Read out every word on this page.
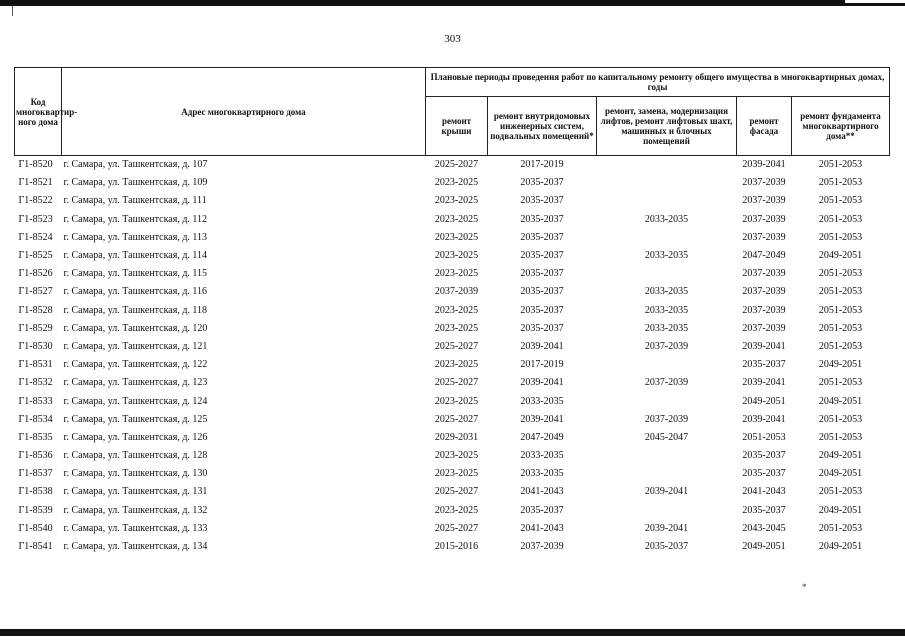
303
Код многоквартир-ного дома	Адрес многоквартирного дома	Плановые периоды проведения работ по капитальному ремонту общего имущества в многоквартирных домах, годы				
		ремонт крыши	ремонт внутридомовых инженерных систем, подвальных помещений*	ремонт, замена, модернизация лифтов, ремонт лифтовых шахт, машинных и блочных помещений	ремонт фасада	ремонт фундамента многоквартирного дома**
Г1-8520	г. Самара, ул. Ташкентская, д. 107	2025-2027	2017-2019		2039-2041	2051-2053
Г1-8521	г. Самара, ул. Ташкентская, д. 109	2023-2025	2035-2037		2037-2039	2051-2053
Г1-8522	г. Самара, ул. Ташкентская, д. 111	2023-2025	2035-2037		2037-2039	2051-2053
Г1-8523	г. Самара, ул. Ташкентская, д. 112	2023-2025	2035-2037	2033-2035	2037-2039	2051-2053
Г1-8524	г. Самара, ул. Ташкентская, д. 113	2023-2025	2035-2037		2037-2039	2051-2053
Г1-8525	г. Самара, ул. Ташкентская, д. 114	2023-2025	2035-2037	2033-2035	2047-2049	2049-2051
Г1-8526	г. Самара, ул. Ташкентская, д. 115	2023-2025	2035-2037		2037-2039	2051-2053
Г1-8527	г. Самара, ул. Ташкентская, д. 116	2037-2039	2035-2037	2033-2035	2037-2039	2051-2053
Г1-8528	г. Самара, ул. Ташкентская, д. 118	2023-2025	2035-2037	2033-2035	2037-2039	2051-2053
Г1-8529	г. Самара, ул. Ташкентская, д. 120	2023-2025	2035-2037	2033-2035	2037-2039	2051-2053
Г1-8530	г. Самара, ул. Ташкентская, д. 121	2025-2027	2039-2041	2037-2039	2039-2041	2051-2053
Г1-8531	г. Самара, ул. Ташкентская, д. 122	2023-2025	2017-2019		2035-2037	2049-2051
Г1-8532	г. Самара, ул. Ташкентская, д. 123	2025-2027	2039-2041	2037-2039	2039-2041	2051-2053
Г1-8533	г. Самара, ул. Ташкентская, д. 124	2023-2025	2033-2035		2049-2051	2049-2051
Г1-8534	г. Самара, ул. Ташкентская, д. 125	2025-2027	2039-2041	2037-2039	2039-2041	2051-2053
Г1-8535	г. Самара, ул. Ташкентская, д. 126	2029-2031	2047-2049	2045-2047	2051-2053	2051-2053
Г1-8536	г. Самара, ул. Ташкентская, д. 128	2023-2025	2033-2035		2035-2037	2049-2051
Г1-8537	г. Самара, ул. Ташкентская, д. 130	2023-2025	2033-2035		2035-2037	2049-2051
Г1-8538	г. Самара, ул. Ташкентская, д. 131	2025-2027	2041-2043	2039-2041	2041-2043	2051-2053
Г1-8539	г. Самара, ул. Ташкентская, д. 132	2023-2025	2035-2037		2035-2037	2049-2051
Г1-8540	г. Самара, ул. Ташкентская, д. 133	2025-2027	2041-2043	2039-2041	2043-2045	2051-2053
Г1-8541	г. Самара, ул. Ташкентская, д. 134	2015-2016	2037-2039	2035-2037	2049-2051	2049-2051
*
